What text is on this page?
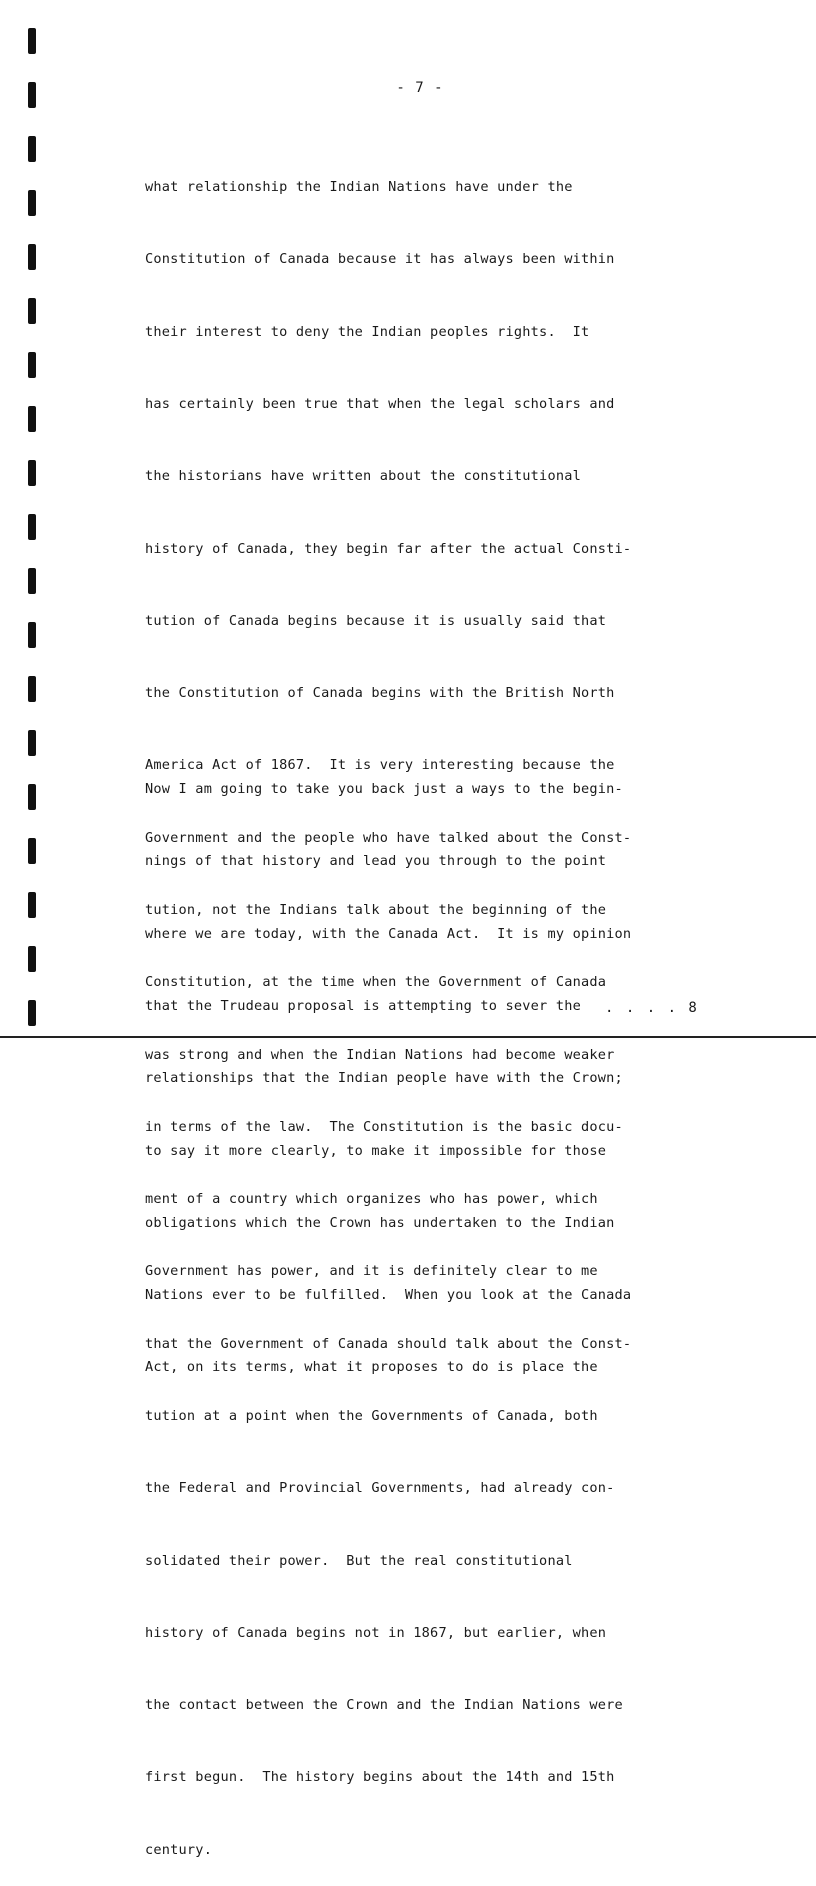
- 7 -

what relationship the Indian Nations have under the

Constitution of Canada because it has always been within

their interest to deny the Indian peoples rights.  It

has certainly been true that when the legal scholars and

the historians have written about the constitutional

history of Canada, they begin far after the actual Consti-

tution of Canada begins because it is usually said that

the Constitution of Canada begins with the British North

America Act of 1867.  It is very interesting because the

Government and the people who have talked about the Const-

tution, not the Indians talk about the beginning of the

Constitution, at the time when the Government of Canada

was strong and when the Indian Nations had become weaker

in terms of the law.  The Constitution is the basic docu-

ment of a country which organizes who has power, which

Government has power, and it is definitely clear to me

that the Government of Canada should talk about the Const-

tution at a point when the Governments of Canada, both

the Federal and Provincial Governments, had already con-

solidated their power.  But the real constitutional

history of Canada begins not in 1867, but earlier, when

the contact between the Crown and the Indian Nations were

first begun.  The history begins about the 14th and 15th

century.

Now I am going to take you back just a ways to the begin-

nings of that history and lead you through to the point

where we are today, with the Canada Act.  It is my opinion

that the Trudeau proposal is attempting to sever the

relationships that the Indian people have with the Crown;

to say it more clearly, to make it impossible for those

obligations which the Crown has undertaken to the Indian

Nations ever to be fulfilled.  When you look at the Canada

Act, on its terms, what it proposes to do is place the

. . . . 8
